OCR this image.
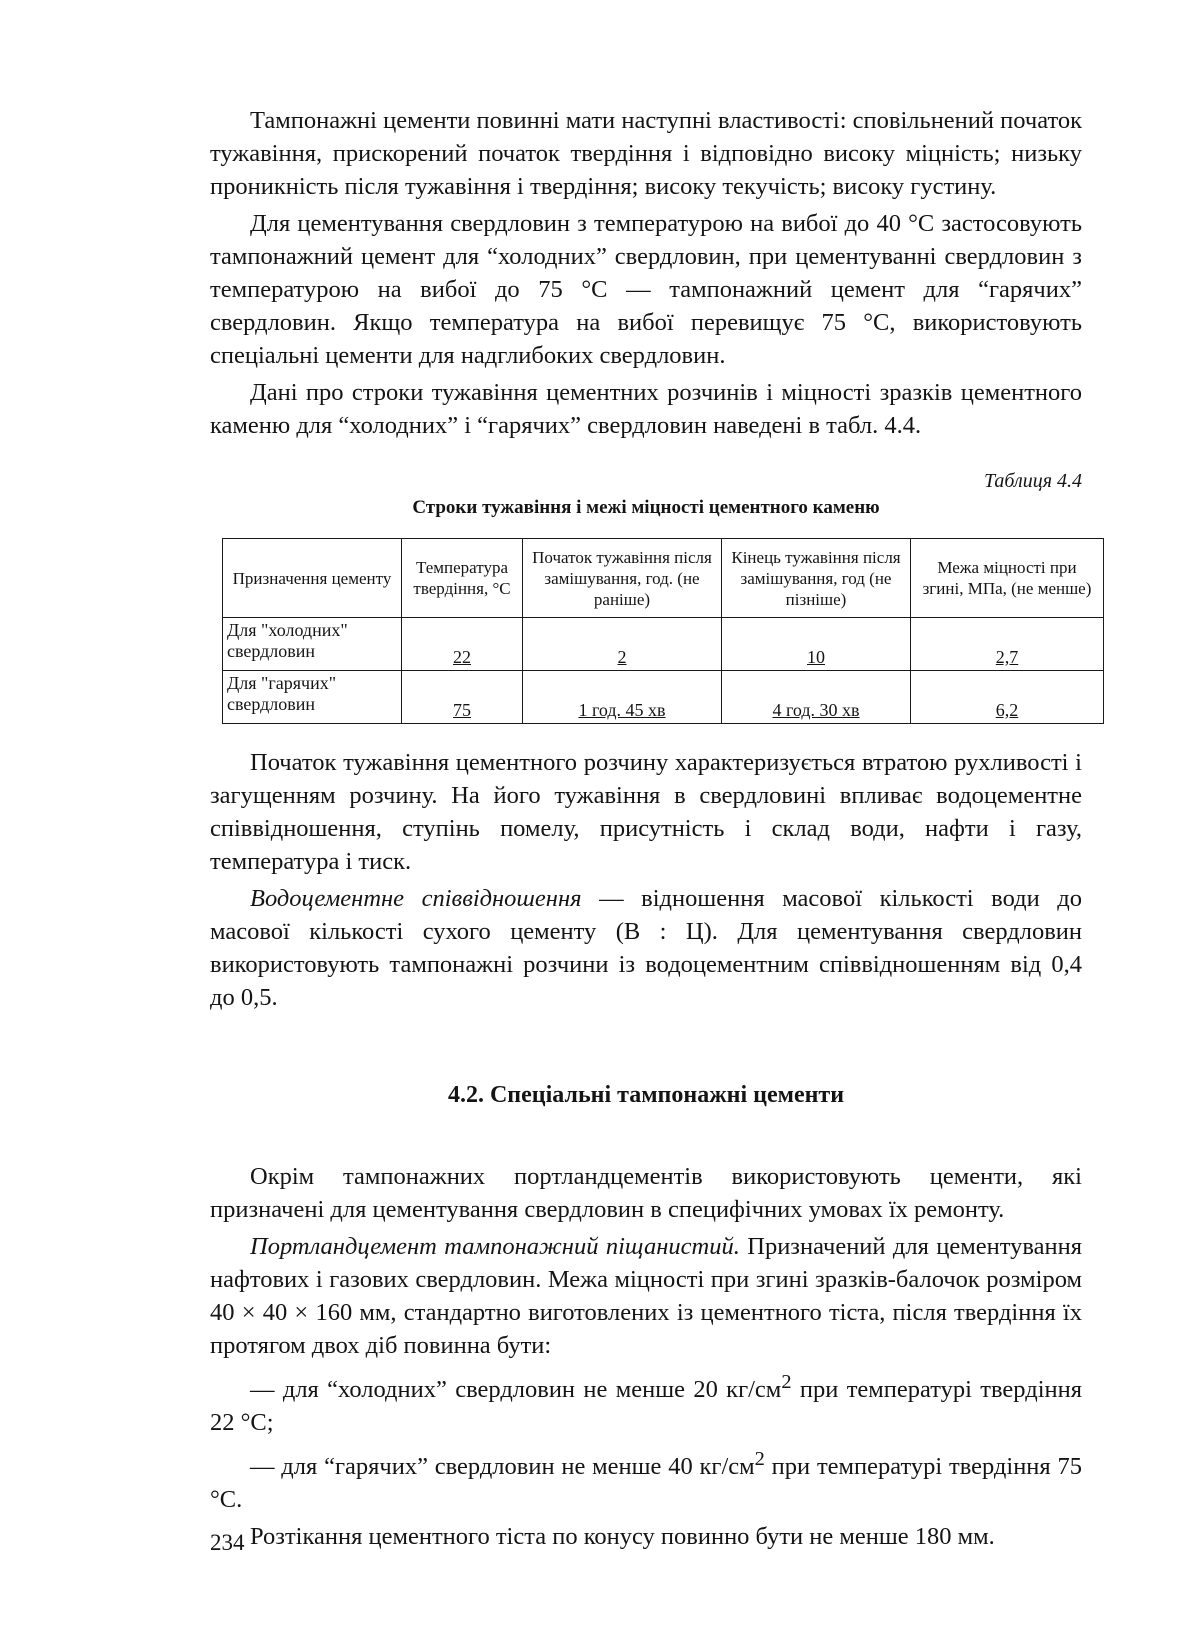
Тампонажні цементи повинні мати наступні властивості: сповільнений початок тужавіння, прискорений початок твердіння і відповідно високу міцність; низьку проникність після тужавіння і твердіння; високу текучість; високу густину.

Для цементування свердловин з температурою на вибої до 40 °С застосовують тампонажний цемент для “холодних” свердловин, при цементуванні свердловин з температурою на вибої до 75 °С — тампонажний цемент для “гарячих” свердловин. Якщо температура на вибої перевищує 75 °С, використовують спеціальні цементи для надглибоких свердловин.

Дані про строки тужавіння цементних розчинів і міцності зразків цементного каменю для “холодних” і “гарячих” свердловин наведені в табл. 4.4.

Таблиця 4.4
Строки тужавіння і межі міцності цементного каменю
Призначення цементу	Температура твердіння, °С	Початок тужавіння після замішування, год. (не раніше)	Кінець тужавіння після замішування, год (не пізніше)	Межа міцності при згині, МПа, (не менше)
Для "холодних" свердловин	22	2	10	2,7
Для "гарячих" свердловин	75	1 год. 45 хв	4 год. 30 хв	6,2

Початок тужавіння цементного розчину характеризується втратою рухливості і загущенням розчину. На його тужавіння в свердловині впливає водоцементне співвідношення, ступінь помелу, присутність і склад води, нафти і газу, температура і тиск.

Водоцементне співвідношення — відношення масової кількості води до масової кількості сухого цементу (В : Ц). Для цементування свердловин використовують тампонажні розчини із водоцементним співвідношенням від 0,4 до 0,5.

4.2. Спеціальні тампонажні цементи

Окрім тампонажних портландцементів використовують цементи, які призначені для цементування свердловин в специфічних умовах їх ремонту.

Портландцемент тампонажний піщанистий. Призначений для цементування нафтових і газових свердловин. Межа міцності при згині зразків-балочок розміром 40 × 40 × 160 мм, стандартно виготовлених із цементного тіста, після твердіння їх протягом двох діб повинна бути:

— для “холодних” свердловин не менше 20 $кг/см^2$ при температурі твердіння 22 °С;

— для “гарячих” свердловин не менше 40 $кг/см^2$ при температурі твердіння 75 °С.

Розтікання цементного тіста по конусу повинно бути не менше 180 мм.

234
